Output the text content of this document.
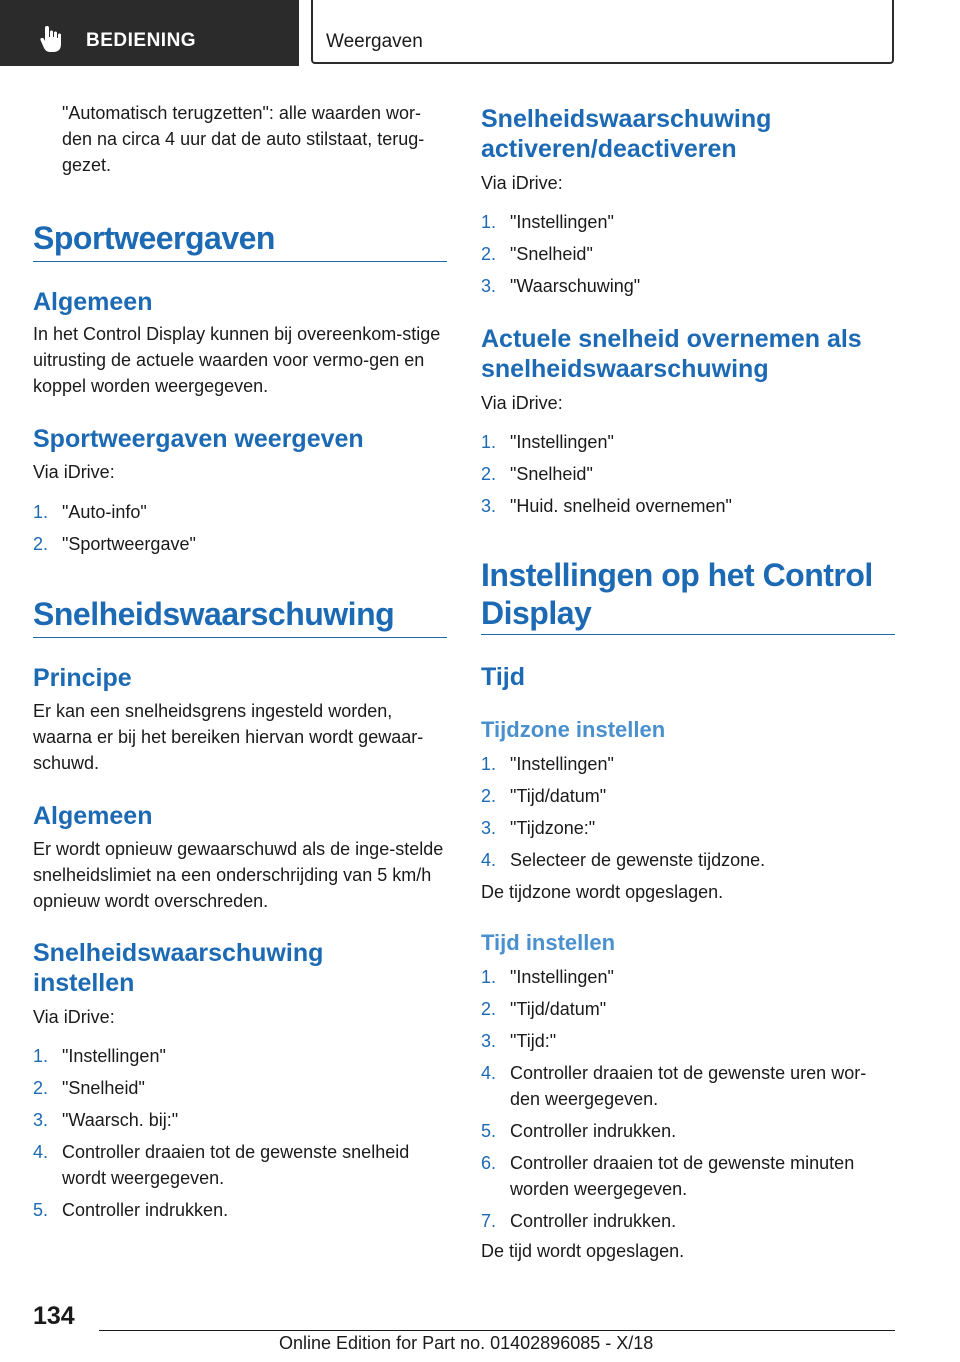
BEDIENING	Weergaven

"Automatisch terugzetten": alle waarden wor-den na circa 4 uur dat de auto stilstaat, terug-gezet.

Sportweergaven
Algemeen

In het Control Display kunnen bij overeenkom-stige uitrusting de actuele waarden voor vermo-gen en koppel worden weergegeven.

Sportweergaven weergeven

Via iDrive:

1. "Auto-info"
2. "Sportweergave"
Snelheidswaarschuwing
Principe

Er kan een snelheidsgrens ingesteld worden, waarna er bij het bereiken hiervan wordt gewaar-schuwd.

Algemeen

Er wordt opnieuw gewaarschuwd als de inge-stelde snelheidslimiet na een onderschrijding van 5 km/h opnieuw wordt overschreden.

Snelheidswaarschuwing instellen

Via iDrive:

1. "Instellingen"
2. "Snelheid"
3. "Waarsch. bij:"
4. Controller draaien tot de gewenste snelheid wordt weergegeven.
5. Controller indrukken.
Snelheidswaarschuwing activeren/deactiveren

Via iDrive:

1. "Instellingen"
2. "Snelheid"
3. "Waarschuwing"
Actuele snelheid overnemen als snelheidswaarschuwing

Via iDrive:

1. "Instellingen"
2. "Snelheid"
3. "Huid. snelheid overnemen"
Instellingen op het Control Display
Tijd
Tijdzone instellen
1. "Instellingen"
2. "Tijd/datum"
3. "Tijdzone:"
4. Selecteer de gewenste tijdzone.

De tijdzone wordt opgeslagen.

Tijd instellen
1. "Instellingen"
2. "Tijd/datum"
3. "Tijd:"
4. Controller draaien tot de gewenste uren wor-den weergegeven.
5. Controller indrukken.
6. Controller draaien tot de gewenste minuten worden weergegeven.
7. Controller indrukken.

De tijd wordt opgeslagen.

134
Online Edition for Part no. 01402896085 - X/18
